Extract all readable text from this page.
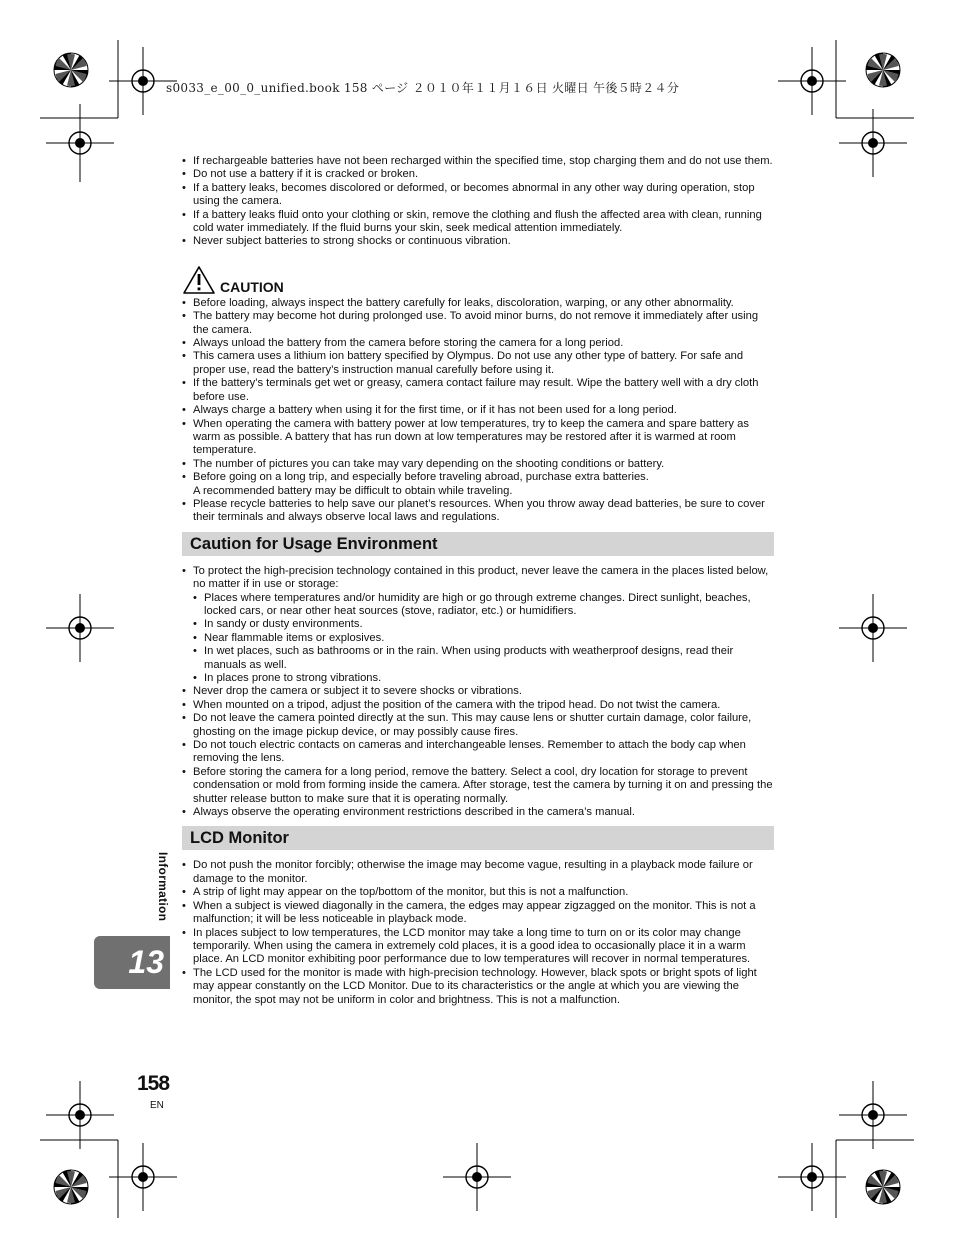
s0033_e_00_0_unified.book 158 ページ ２０１０年１１月１６日 火曜日 午後５時２４分
• If rechargeable batteries have not been recharged within the specified time, stop charging them and do not use them.
• Do not use a battery if it is cracked or broken.
• If a battery leaks, becomes discolored or deformed, or becomes abnormal in any other way during operation, stop using the camera.
• If a battery leaks fluid onto your clothing or skin, remove the clothing and flush the affected area with clean, running cold water immediately. If the fluid burns your skin, seek medical attention immediately.
• Never subject batteries to strong shocks or continuous vibration.
CAUTION
• Before loading, always inspect the battery carefully for leaks, discoloration, warping, or any other abnormality.
• The battery may become hot during prolonged use. To avoid minor burns, do not remove it immediately after using the camera.
• Always unload the battery from the camera before storing the camera for a long period.
• This camera uses a lithium ion battery specified by Olympus. Do not use any other type of battery. For safe and proper use, read the battery’s instruction manual carefully before using it.
• If the battery’s terminals get wet or greasy, camera contact failure may result. Wipe the battery well with a dry cloth before use.
• Always charge a battery when using it for the first time, or if it has not been used for a long period.
• When operating the camera with battery power at low temperatures, try to keep the camera and spare battery as warm as possible. A battery that has run down at low temperatures may be restored after it is warmed at room temperature.
• The number of pictures you can take may vary depending on the shooting conditions or battery.
• Before going on a long trip, and especially before traveling abroad, purchase extra batteries.
A recommended battery may be difficult to obtain while traveling.
• Please recycle batteries to help save our planet’s resources. When you throw away dead batteries, be sure to cover their terminals and always observe local laws and regulations.
Caution for Usage Environment
• To protect the high-precision technology contained in this product, never leave the camera in the places listed below, no matter if in use or storage:
• Places where temperatures and/or humidity are high or go through extreme changes. Direct sunlight, beaches, locked cars, or near other heat sources (stove, radiator, etc.) or humidifiers.
• In sandy or dusty environments.
• Near flammable items or explosives.
• In wet places, such as bathrooms or in the rain. When using products with weatherproof designs, read their manuals as well.
• In places prone to strong vibrations.
• Never drop the camera or subject it to severe shocks or vibrations.
• When mounted on a tripod, adjust the position of the camera with the tripod head. Do not twist the camera.
• Do not leave the camera pointed directly at the sun. This may cause lens or shutter curtain damage, color failure, ghosting on the image pickup device, or may possibly cause fires.
• Do not touch electric contacts on cameras and interchangeable lenses. Remember to attach the body cap when removing the lens.
• Before storing the camera for a long period, remove the battery. Select a cool, dry location for storage to prevent condensation or mold from forming inside the camera. After storage, test the camera by turning it on and pressing the shutter release button to make sure that it is operating normally.
• Always observe the operating environment restrictions described in the camera’s manual.
LCD Monitor
• Do not push the monitor forcibly; otherwise the image may become vague, resulting in a playback mode failure or damage to the monitor.
• A strip of light may appear on the top/bottom of the monitor, but this is not a malfunction.
• When a subject is viewed diagonally in the camera, the edges may appear zigzagged on the monitor. This is not a malfunction; it will be less noticeable in playback mode.
• In places subject to low temperatures, the LCD monitor may take a long time to turn on or its color may change temporarily. When using the camera in extremely cold places, it is a good idea to occasionally place it in a warm place. An LCD monitor exhibiting poor performance due to low temperatures will recover in normal temperatures.
• The LCD used for the monitor is made with high-precision technology. However, black spots or bright spots of light may appear constantly on the LCD Monitor. Due to its characteristics or the angle at which you are viewing the monitor, the spot may not be uniform in color and brightness. This is not a malfunction.
Information
13
158
EN
